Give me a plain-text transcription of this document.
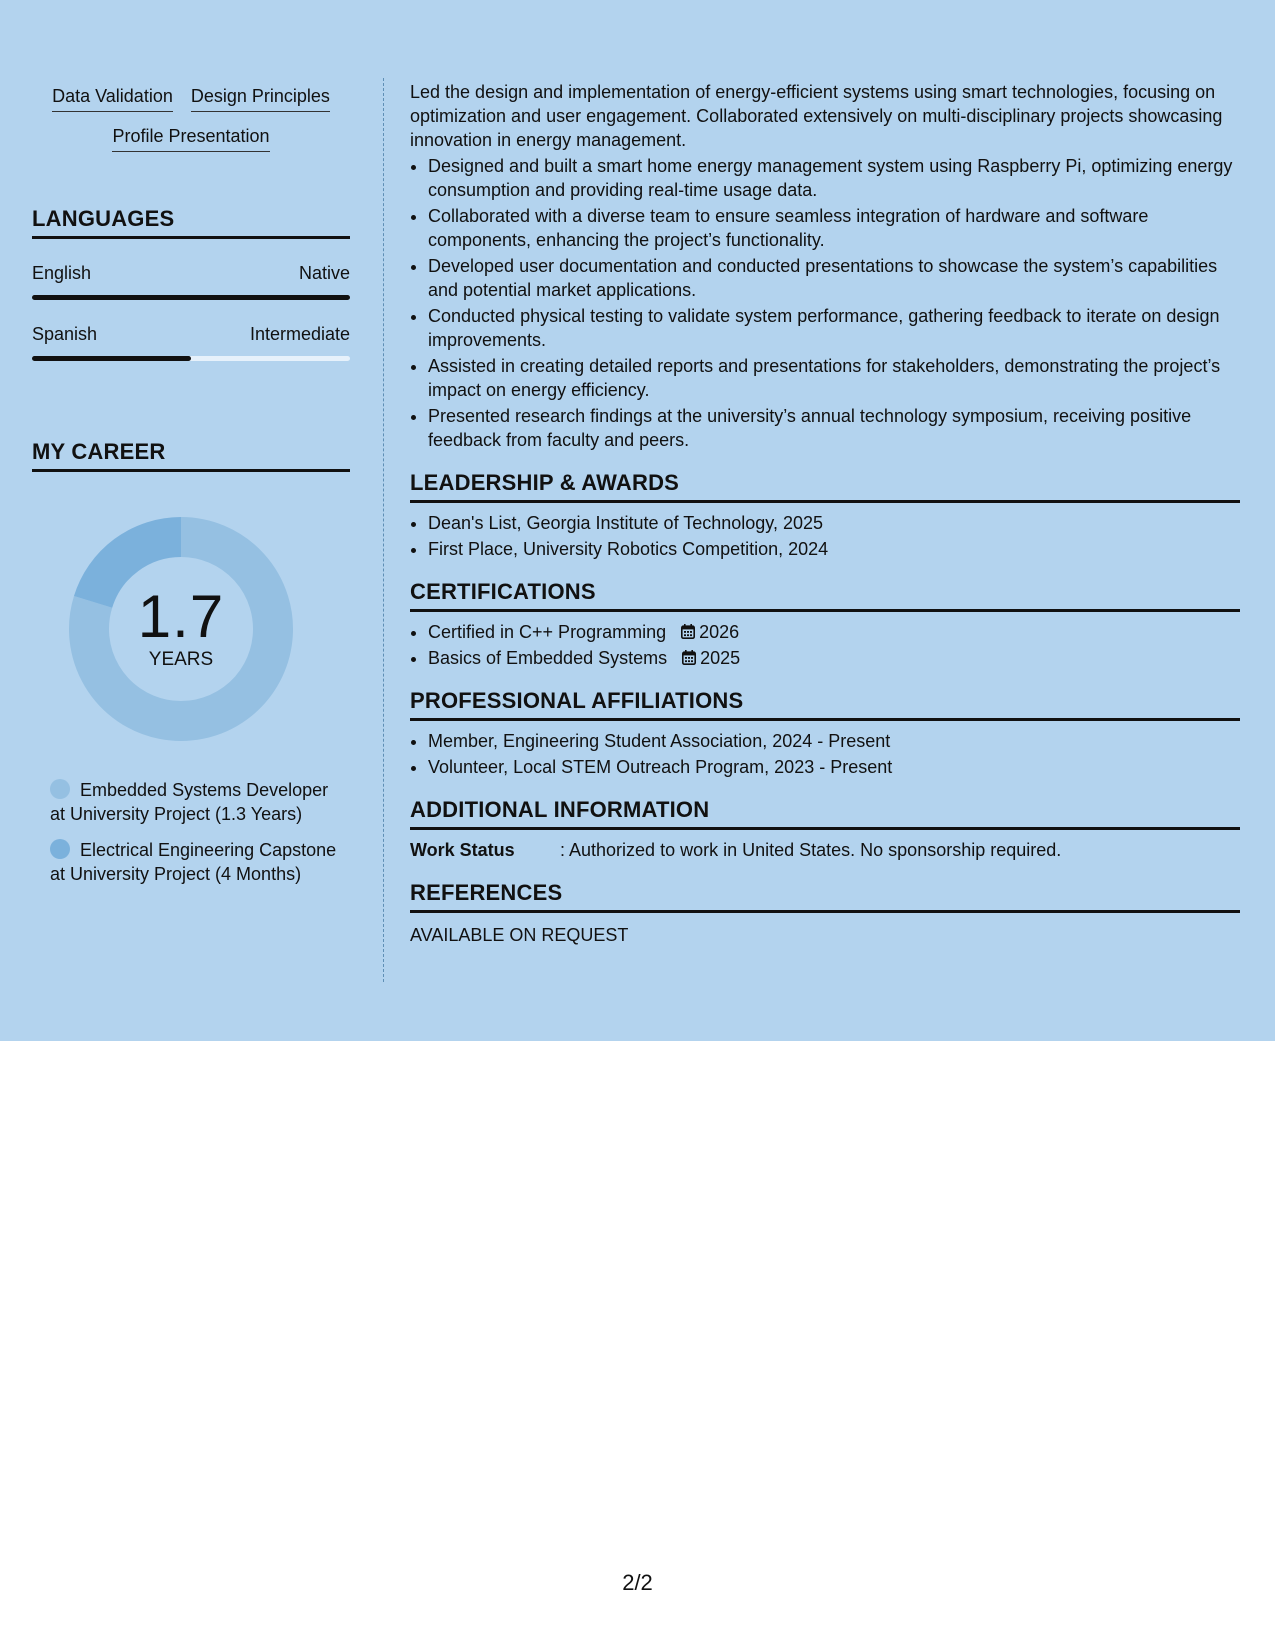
Data Validation Design Principles
Profile Presentation
LANGUAGES
English	Native
Spanish	Intermediate
MY CAREER
1.7
YEARS
Embedded Systems Developer at University Project (1.3 Years)
Electrical Engineering Capstone at University Project (4 Months)

Led the design and implementation of energy-efficient systems using smart technologies, focusing on optimization and user engagement. Collaborated extensively on multi-disciplinary projects showcasing innovation in energy management.

• Designed and built a smart home energy management system using Raspberry Pi, optimizing energy consumption and providing real-time usage data.
• Collaborated with a diverse team to ensure seamless integration of hardware and software components, enhancing the project’s functionality.
• Developed user documentation and conducted presentations to showcase the system’s capabilities and potential market applications.
• Conducted physical testing to validate system performance, gathering feedback to iterate on design improvements.
• Assisted in creating detailed reports and presentations for stakeholders, demonstrating the project’s impact on energy efficiency.
• Presented research findings at the university’s annual technology symposium, receiving positive feedback from faculty and peers.
LEADERSHIP & AWARDS
• Dean's List, Georgia Institute of Technology, 2025
• First Place, University Robotics Competition, 2024
CERTIFICATIONS
• Certified in C++ Programming 2026
• Basics of Embedded Systems 2025
PROFESSIONAL AFFILIATIONS
• Member, Engineering Student Association, 2024 - Present
• Volunteer, Local STEM Outreach Program, 2023 - Present
ADDITIONAL INFORMATION
Work Status	: Authorized to work in United States. No sponsorship required.
REFERENCES
AVAILABLE ON REQUEST
2/2
